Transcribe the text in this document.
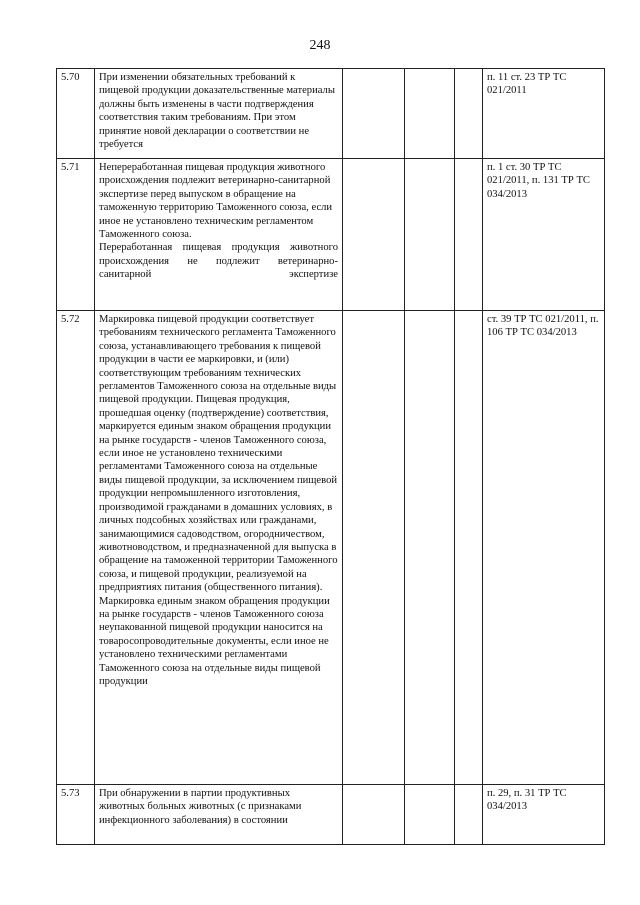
248
5.70	При изменении обязательных требований к пищевой продукции доказательственные материалы должны быть изменены в части подтверждения соответствия таким требованиям. При этом принятие новой декларации о соответствии не требуется				п. 11 ст. 23 ТР ТС 021/2011
5.71	Непереработанная пищевая продукция животного происхождения подлежит ветеринарно-санитарной экспертизе перед выпуском в обращение на таможенную территорию Таможенного союза, если иное не установлено техническим регламентом Таможенного союза.
Переработанная пищевая продукция животного происхождения не подлежит ветеринарно-санитарной экспертизе				п. 1 ст. 30 ТР ТС 021/2011, п. 131 ТР ТС 034/2013
5.72	Маркировка пищевой продукции соответствует требованиям технического регламента Таможенного союза, устанавливающего требования к пищевой продукции в части ее маркировки, и (или) соответствующим требованиям технических регламентов Таможенного союза на отдельные виды пищевой продукции. Пищевая продукция, прошедшая оценку (подтверждение) соответствия, маркируется единым знаком обращения продукции на рынке государств - членов Таможенного союза, если иное не установлено техническими регламентами Таможенного союза на отдельные виды пищевой продукции, за исключением пищевой продукции непромышленного изготовления, производимой гражданами в домашних условиях, в личных подсобных хозяйствах или гражданами, занимающимися садоводством, огородничеством, животноводством, и предназначенной для выпуска в обращение на таможенной территории Таможенного союза, и пищевой продукции, реализуемой на предприятиях питания (общественного питания). Маркировка единым знаком обращения продукции на рынке государств - членов Таможенного союза неупакованной пищевой продукции наносится на товаросопроводительные документы, если иное не установлено техническими регламентами Таможенного союза на отдельные виды пищевой продукции				ст. 39 ТР ТС 021/2011, п. 106 ТР ТС 034/2013
5.73	При обнаружении в партии продуктивных животных больных животных (с признаками инфекционного заболевания) в состоянии				п. 29, п. 31 ТР ТС 034/2013
